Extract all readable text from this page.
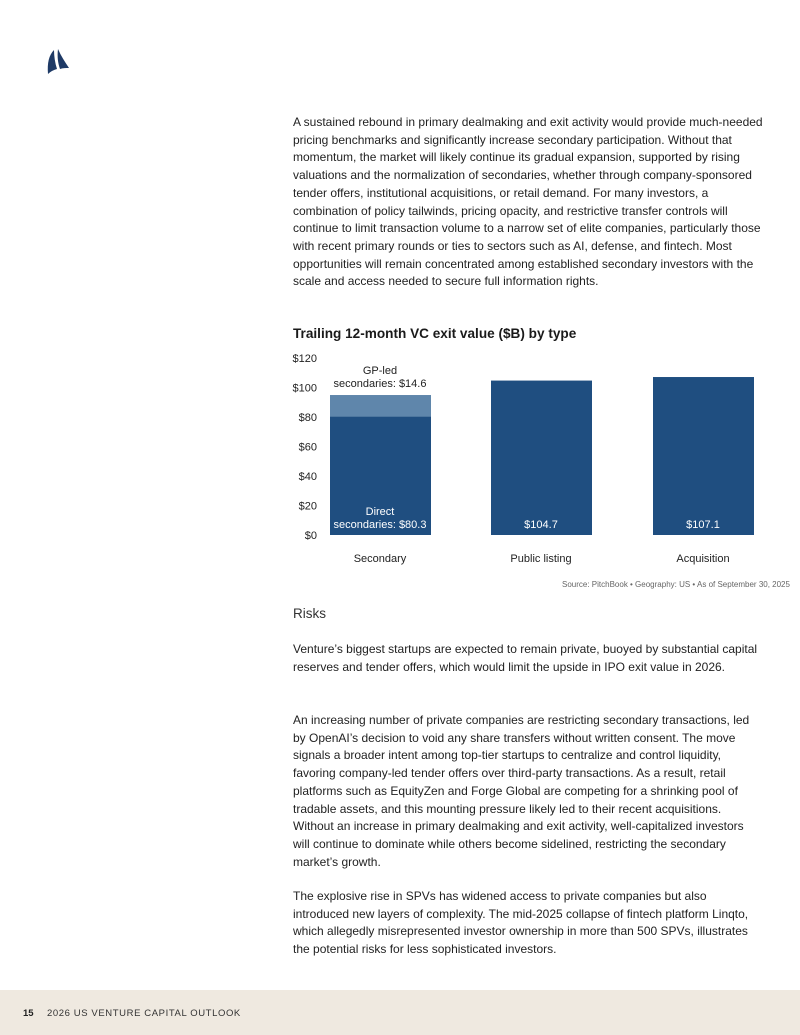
A sustained rebound in primary dealmaking and exit activity would provide much-needed pricing benchmarks and significantly increase secondary participation. Without that momentum, the market will likely continue its gradual expansion, supported by rising valuations and the normalization of secondaries, whether through company-sponsored tender offers, institutional acquisitions, or retail demand. For many investors, a combination of policy tailwinds, pricing opacity, and restrictive transfer controls will continue to limit transaction volume to a narrow set of elite companies, particularly those with recent primary rounds or ties to sectors such as AI, defense, and fintech. Most opportunities will remain concentrated among established secondary investors with the scale and access needed to secure full information rights.

Trailing 12-month VC exit value ($B) by type
$0
$20
$40
$60
$80
$100
$120
Secondary	Public listing	Acquisition
Direct
secondaries: $80.3	$104.7	$107.1
GP-led
secondaries: $14.6
Source: PitchBook • Geography: US • As of September 30, 2025
Risks

Venture’s biggest startups are expected to remain private, buoyed by substantial capital reserves and tender offers, which would limit the upside in IPO exit value in 2026.

An increasing number of private companies are restricting secondary transactions, led by OpenAI’s decision to void any share transfers without written consent. The move signals a broader intent among top-tier startups to centralize and control liquidity, favoring company-led tender offers over third-party transactions. As a result, retail platforms such as EquityZen and Forge Global are competing for a shrinking pool of tradable assets, and this mounting pressure likely led to their recent acquisitions. Without an increase in primary dealmaking and exit activity, well-capitalized investors will continue to dominate while others become sidelined, restricting the secondary market’s growth.

The explosive rise in SPVs has widened access to private companies but also introduced new layers of complexity. The mid-2025 collapse of fintech platform Linqto, which allegedly misrepresented investor ownership in more than 500 SPVs, illustrates the potential risks for less sophisticated investors.

15 2026 US VENTURE CAPITAL OUTLOOK
